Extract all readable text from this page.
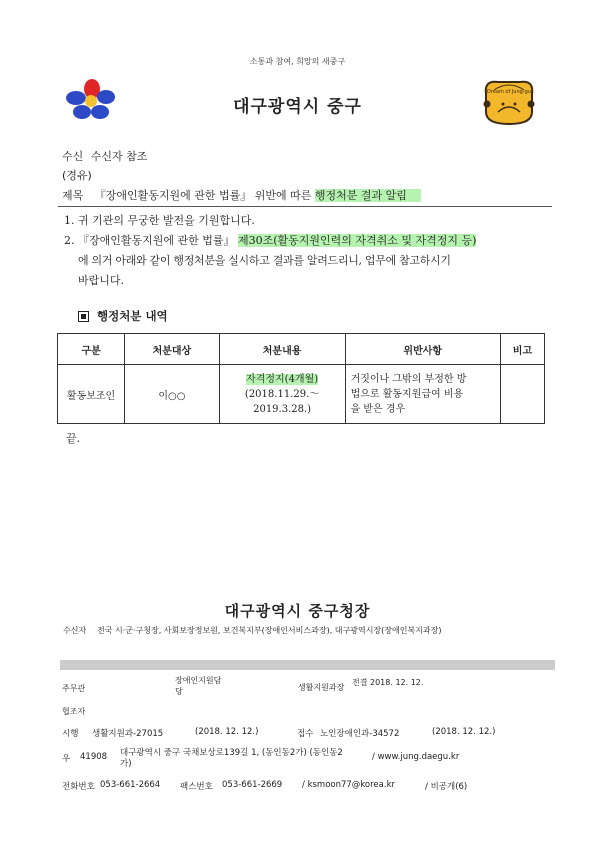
소통과 참여, 희망의 새중구
대구광역시 중구
Dream of Jung-gu
수신 수신자 참조
(경유)
제목 『장애인활동지원에 관한 법률』 위반에 따른 행정처분 결과 알림
1. 귀 기관의 무궁한 발전을 기원합니다.
2. 『장애인활동지원에 관한 법률』 제30조(활동지원인력의 자격취소 및 자격정지 등)
에 의거 아래와 같이 행정처분을 실시하고 결과를 알려드리니, 업무에 참고하시기
바랍니다.
행정처분 내역
구분	처분대상	처분내용	위반사항	비고
활동보조인	이○○	자격정지(4개월)
(2018.11.29.～
2019.3.28.)	거짓이나 그밖의 부정한 방
법으로 활동지원급여 비용
을 받은 경우	
끝.
대구광역시 중구청장
수신자 전국 시·군·구청장, 사회보장정보원, 보건복지부(장애인서비스과장), 대구광역시장(장애인복지과장)
주무관
장애인지원담
당	생활지원과장
전결 2018. 12. 12.
협조자
시행 생활지원과-27015	(2018. 12. 12.)	접수 노인장애인과-34572	(2018. 12. 12.)
우 41908 대구광역시 중구 국채보상로139길 1, (동인동2가) (동인동2
가)
/ www.jung.daegu.kr
전화번호 053-661-2664 팩스번호 053-661-2669 / ksmoon77@korea.kr	/ 비공개(6)
